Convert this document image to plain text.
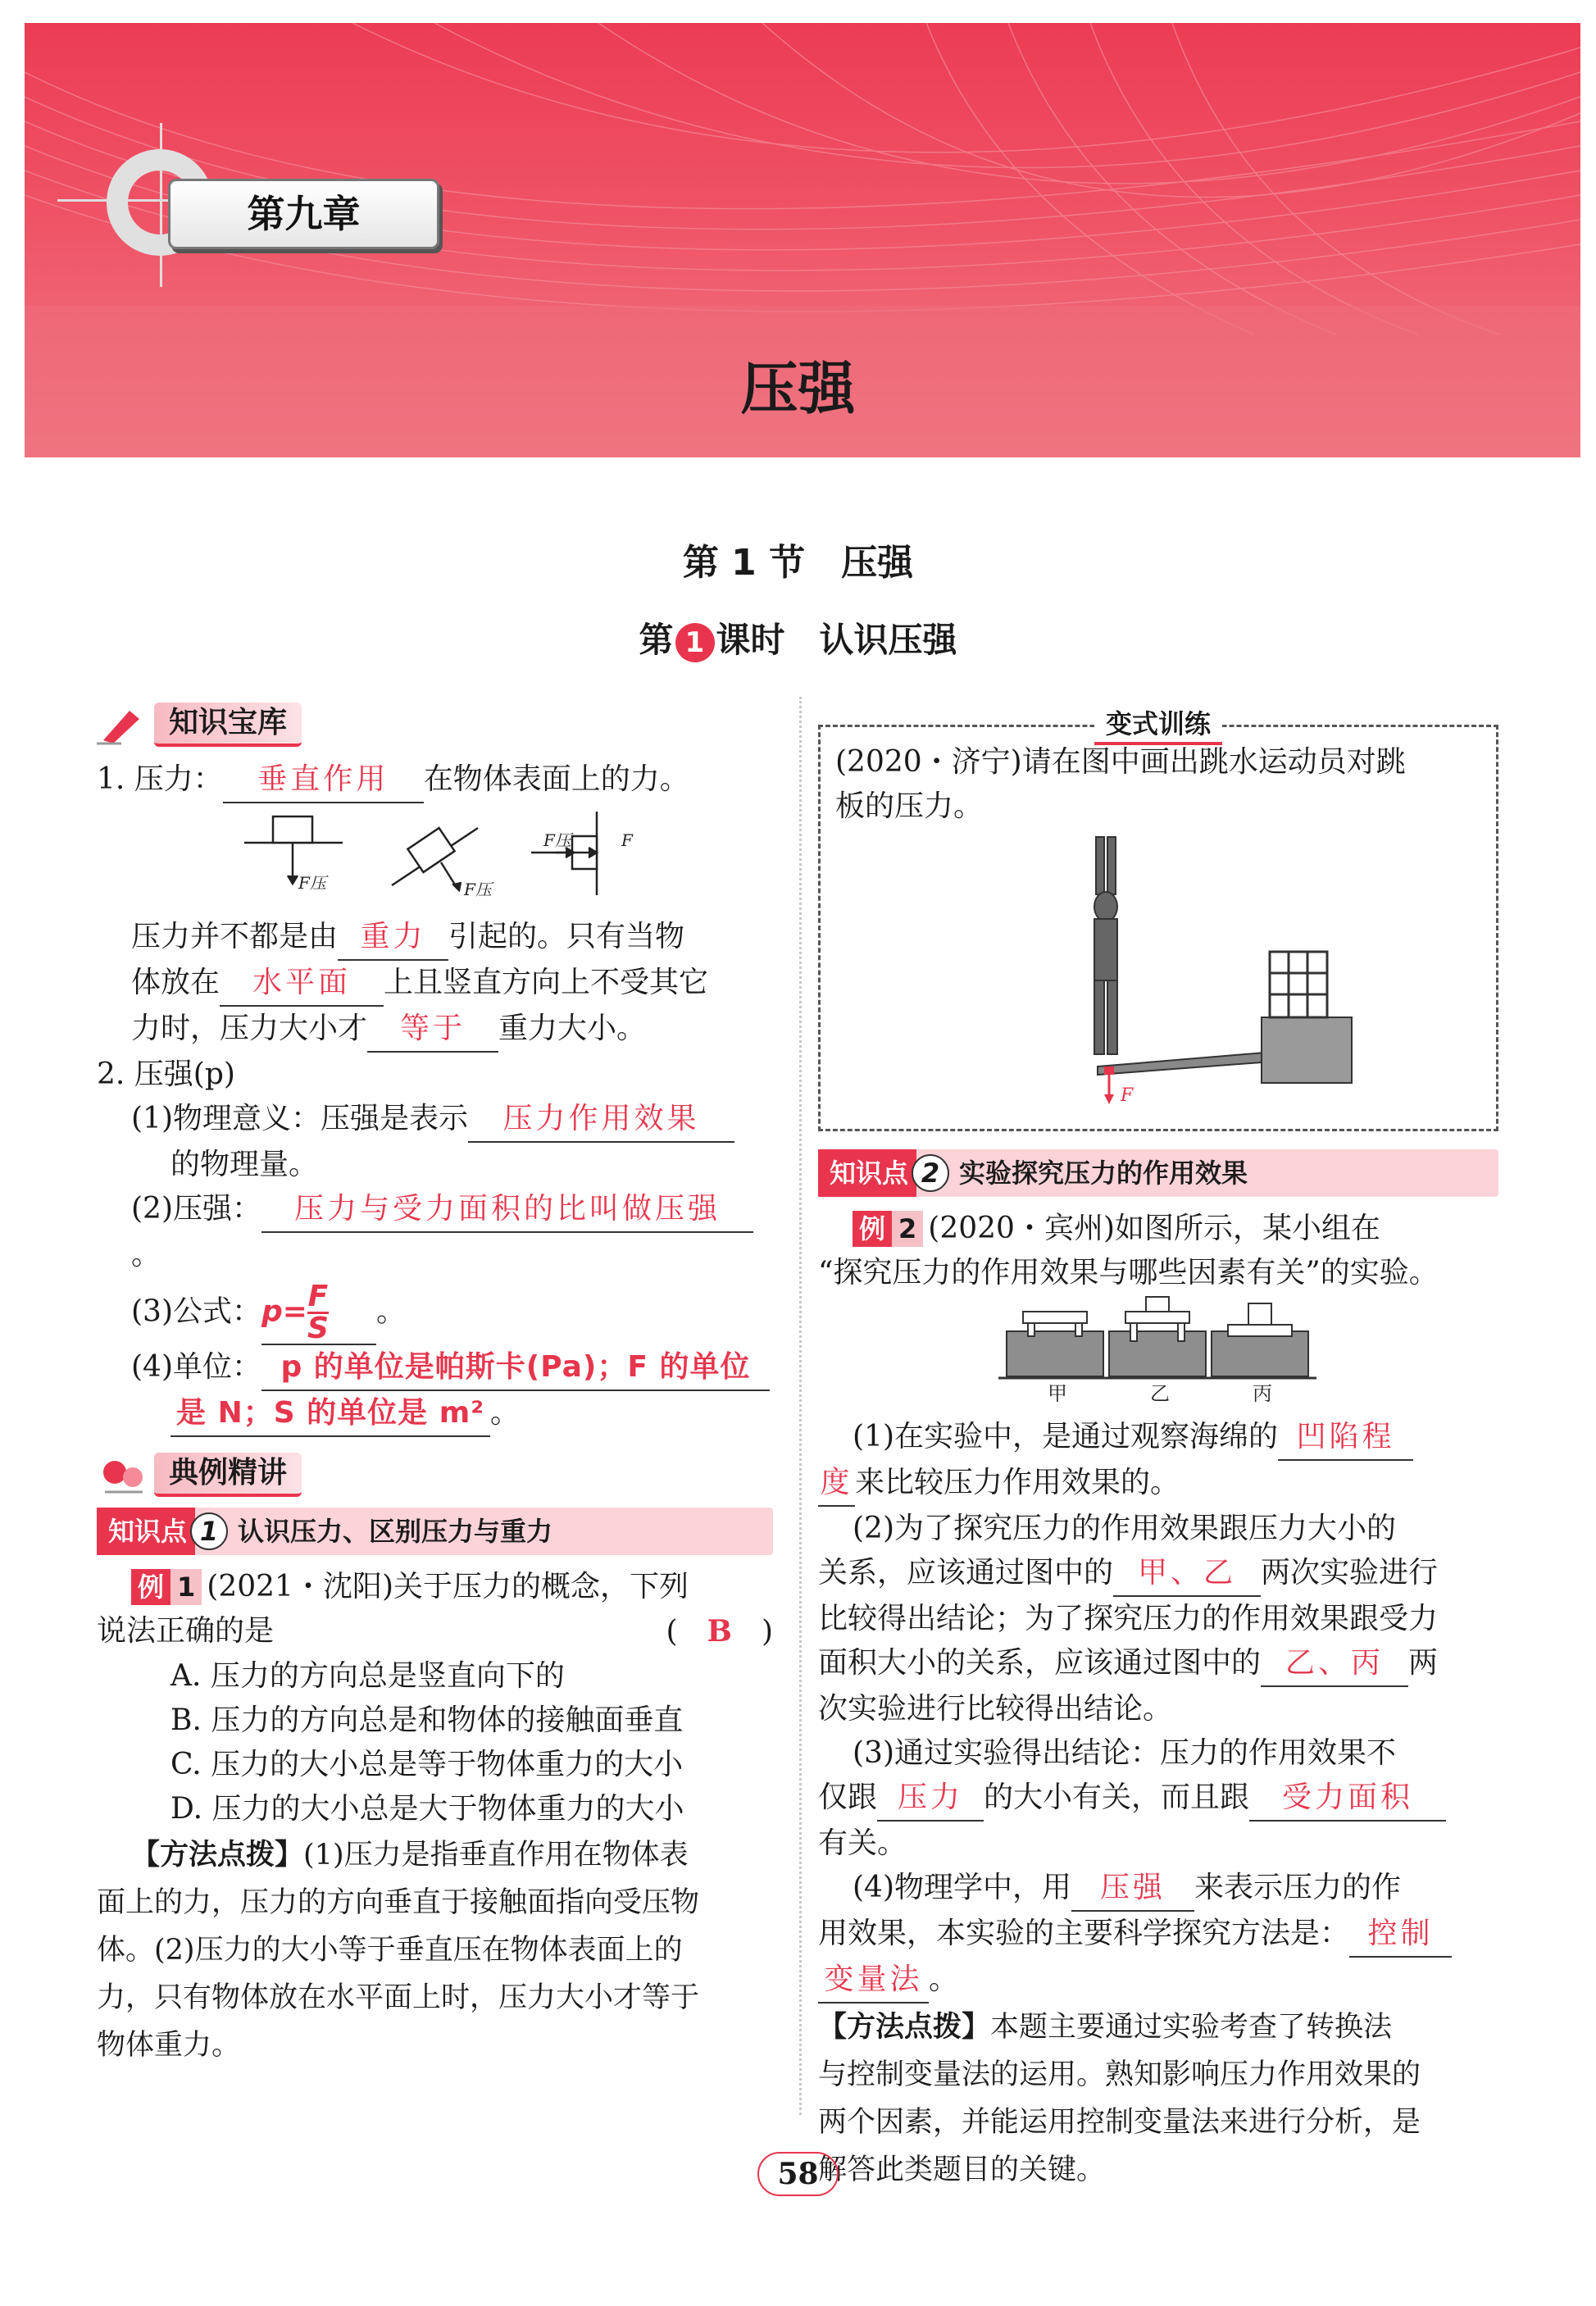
第九章
压强
第 1 节　压强
第 1 课时　认识压强
知识宝库

1. 压力： 垂直作用 在物体表面上的力。

F压	F压
F压	F

压力并不都是由 重力 引起的。只有当物
体放在 水平面 上且竖直方向上不受其它
力时，压力大小才 等于 重力大小。

2. 压强(p)

(1)物理意义：压强是表示 压力作用效果

的物理量。

(2)压强： 压力与受力面积的比叫做压强。

(3)公式：$p= \frac{F}{S}$ 。

(4)单位： p 的单位是帕斯卡(Pa)；F 的单位

是 N；S 的单位是 m² 。

典例精讲
知识点 1 认识压力、区别压力与重力

例 1 (2021・沈阳)关于压力的概念，下列

说法正确的是	(　B　)

A. 压力的方向总是竖直向下的

B. 压力的方向总是和物体的接触面垂直

C. 压力的大小总是等于物体重力的大小

D. 压力的大小总是大于物体重力的大小

【方法点拨】(1)压力是指垂直作用在物体表
面上的力，压力的方向垂直于接触面指向受压物
体。(2)压力的大小等于垂直压在物体表面上的
力，只有物体放在水平面上时，压力大小才等于
物体重力。
变式训练

(2020・济宁)请在图中画出跳水运动员对跳

板的压力。

F
知识点 2 实验探究压力的作用效果

例 2 (2020・宾州)如图所示，某小组在

“探究压力的作用效果与哪些因素有关”的实验。

甲	乙	丙

(1)在实验中，是通过观察海绵的 凹陷程

度来比较压力作用效果的。

(2)为了探究压力的作用效果跟压力大小的

关系，应该通过图中的 甲、乙 两次实验进行

比较得出结论；为了探究压力的作用效果跟受力

面积大小的关系，应该通过图中的 乙、丙 两

次实验进行比较得出结论。

(3)通过实验得出结论：压力的作用效果不

仅跟 压力 的大小有关，而且跟 受力面积

有关。

(4)物理学中，用 压强 来表示压力的作

用效果，本实验的主要科学探究方法是： 控制

变量法 。

【方法点拨】本题主要通过实验考查了转换法
与控制变量法的运用。熟知影响压力作用效果的
两个因素，并能运用控制变量法来进行分析，是
解答此类题目的关键。
58
